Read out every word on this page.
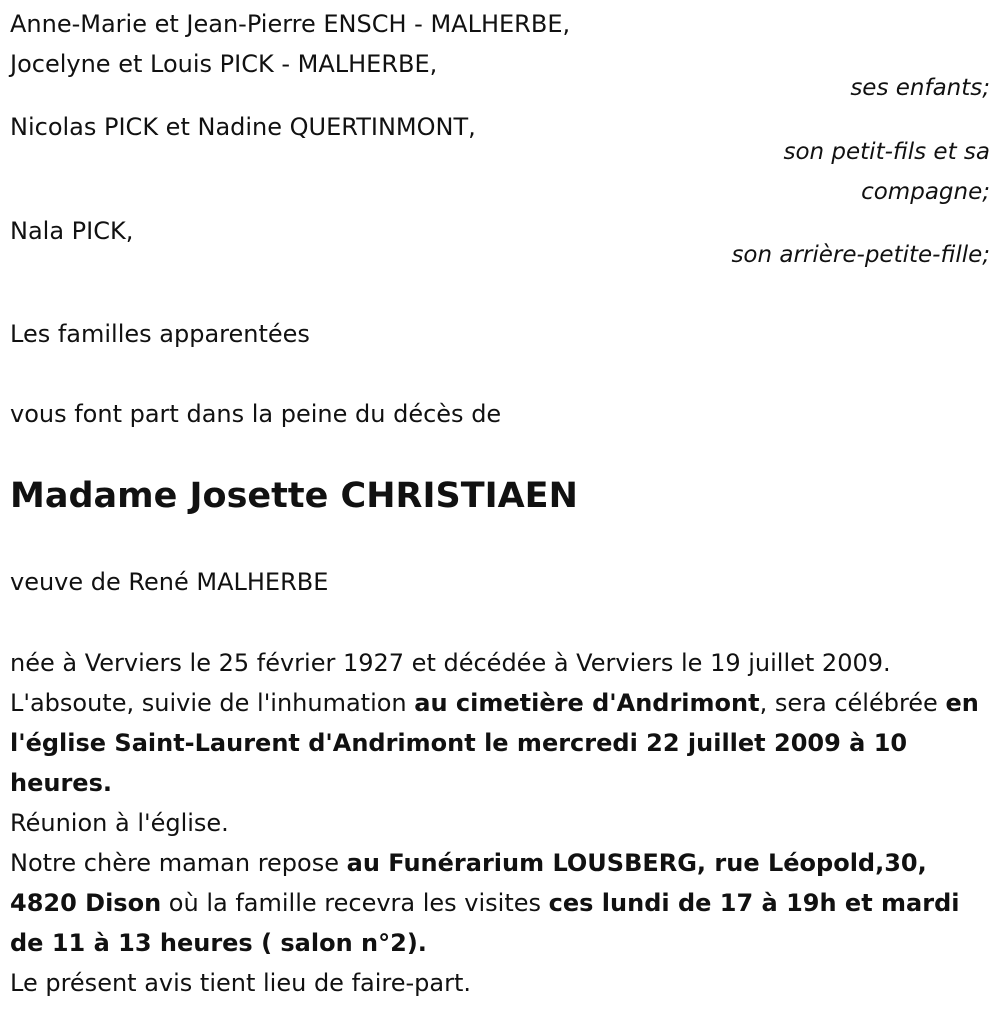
Anne-Marie et Jean-Pierre ENSCH - MALHERBE,
Jocelyne et Louis PICK - MALHERBE,
ses enfants;
Nicolas PICK et Nadine QUERTINMONT,
son petit-fils et sa compagne;
Nala PICK,
son arrière-petite-fille;
Les familles apparentées
vous font part dans la peine du décès de
Madame Josette CHRISTIAEN
veuve de René MALHERBE
née à Verviers le 25 février 1927 et décédée à Verviers le 19 juillet 2009.
L'absoute, suivie de l'inhumation au cimetière d'Andrimont, sera célébrée en l'église Saint-Laurent d'Andrimont le mercredi 22 juillet 2009 à 10 heures.
Réunion à l'église.
Notre chère maman repose au Funérarium LOUSBERG, rue Léopold,30, 4820 Dison où la famille recevra les visites ces lundi de 17 à 19h et mardi de 11 à 13 heures ( salon n°2).
Le présent avis tient lieu de faire-part.
